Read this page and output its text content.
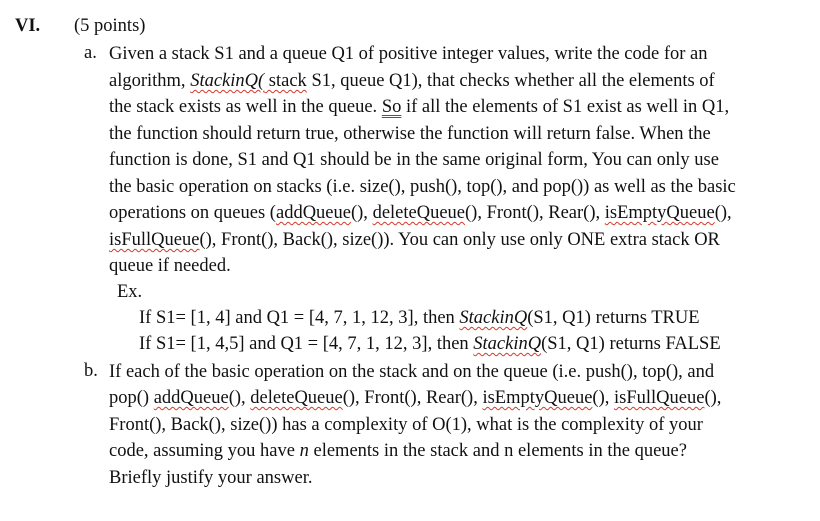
VI. (5 points)
a. Given a stack S1 and a queue Q1 of positive integer values, write the code for an
algorithm, StackinQ( stack S1, queue Q1), that checks whether all the elements of
the stack exists as well in the queue. So if all the elements of S1 exist as well in Q1,
the function should return true, otherwise the function will return false. When the
function is done, S1 and Q1 should be in the same original form, You can only use
the basic operation on stacks (i.e. size(), push(), top(), and pop()) as well as the basic
operations on queues (addQueue(), deleteQueue(), Front(), Rear(), isEmptyQueue(),
isFullQueue(), Front(), Back(), size()). You can only use only ONE extra stack OR
queue if needed.
Ex.
If S1= [1, 4] and Q1 = [4, 7, 1, 12, 3], then StackinQ(S1, Q1) returns TRUE
If S1= [1, 4,5] and Q1 = [4, 7, 1, 12, 3], then StackinQ(S1, Q1) returns FALSE
b. If each of the basic operation on the stack and on the queue (i.e. push(), top(), and
pop() addQueue(), deleteQueue(), Front(), Rear(), isEmptyQueue(), isFullQueue(),
Front(), Back(), size()) has a complexity of O(1), what is the complexity of your
code, assuming you have n elements in the stack and n elements in the queue?
Briefly justify your answer.
